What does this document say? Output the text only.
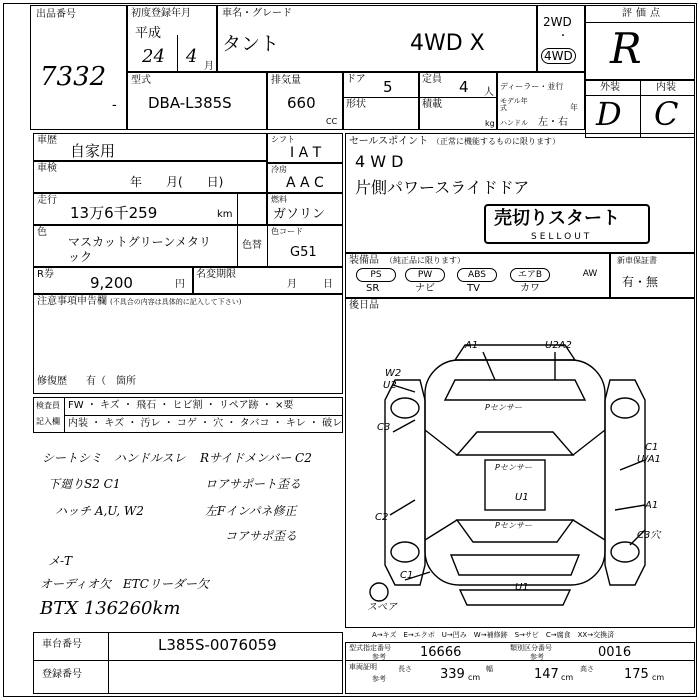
出品番号
7332
-
初度登録年月
平成
24 4 月
車名・グレード
タント	4WD X
2WD
・
4WD
評価点
R
型式
DBA-L385S
排気量
660
CC
ドア 5
形状
定員 4 人
積載
kg
ディーラー・並行
モデル年式	年
ハンドル 左・右
外装	内装
D C
車歴
自家用
車検
年　　月(　　日)
シフト
I A T
冷房
A A C
走行
13万6千259	km
燃料
ガソリン
色
マスカットグリーンメタリ
ック
色替
色コード
G51
R券 9,200	円
名変期限
月	日
注意事項申告欄 (不具合の内容は具体的に記入して下さい)
修復歴 有（　箇所
セールスポイント （正常に機能するものに限ります）
4 W D
片側パワースライドドア
売切りスタート
SELLOUT
装備品 （純正品に限ります）
PS	PW	ABS	エアB	AW
SR	ナビ	TV	カワ
新車保証書
有・無
後日品
A1	U2A2
W2
U2
C3
Pセンサー
C1
U/A1
Pセンサー
U1
C2
A1
C3穴
Pセンサー
C1
U1
スペア
A→キズ　E→エクボ　U→凹み　W→補修跡　S→サビ　C→腐食　XX→交換済
検査員
記入欄
FW ・ キズ ・ 飛石 ・ ヒビ割 ・ リペア跡 ・ ×要
内装 ・ キズ ・ 汚レ ・ コゲ ・ 穴 ・ タバコ ・ キレ ・ 破レ
シートシミ　ハンドルスレ Rサイドメンバー C2
下廻りS2 C1	ロアサポート歪る
ハッチ A,U, W2	左Fインパネ修正
コアサポ歪る
メ-T
オーディオ欠　ETCリーダー欠
BTX 136260km
車台番号	L385S-0076059
登録番号
型式指定番号 16666
参考
類別区分番号	0016
参考
車両証明
参考
長さ 339 cm
幅	147 cm
高さ 175 cm
